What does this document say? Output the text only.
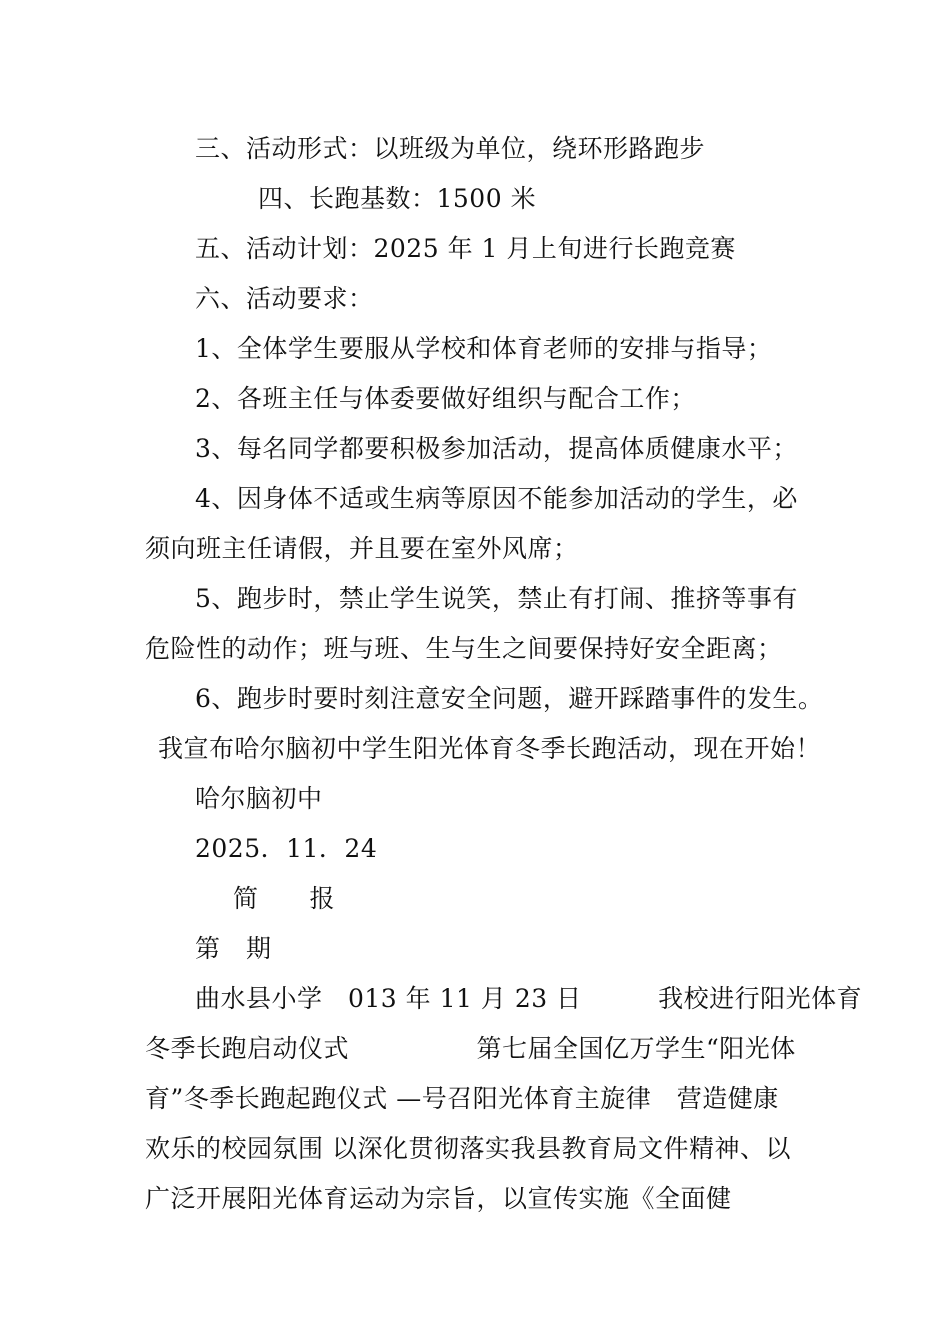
三、活动形式：以班级为单位，绕环形路跑步
四、长跑基数：1500 米
五、活动计划：2025 年 1 月上旬进行长跑竞赛
六、活动要求：
1、全体学生要服从学校和体育老师的安排与指导；
2、各班主任与体委要做好组织与配合工作；
3、每名同学都要积极参加活动，提高体质健康水平；
4、因身体不适或生病等原因不能参加活动的学生，必
须向班主任请假，并且要在室外风席；
5、跑步时，禁止学生说笑，禁止有打闹、推挤等事有
危险性的动作；班与班、生与生之间要保持好安全距离；
6、跑步时要时刻注意安全问题，避开踩踏事件的发生。
我宣布哈尔脑初中学生阳光体育冬季长跑活动，现在开始！
哈尔脑初中
2025．11．24
简　　报
第　期
曲水县小学　013 年 11 月 23 日　　　我校进行阳光体育
冬季长跑启动仪式　　　　　第七届全国亿万学生“阳光体
育”冬季长跑起跑仪式 —号召阳光体育主旋律　营造健康
欢乐的校园氛围 以深化贯彻落实我县教育局文件精神、以
广泛开展阳光体育运动为宗旨，以宣传实施《全面健
